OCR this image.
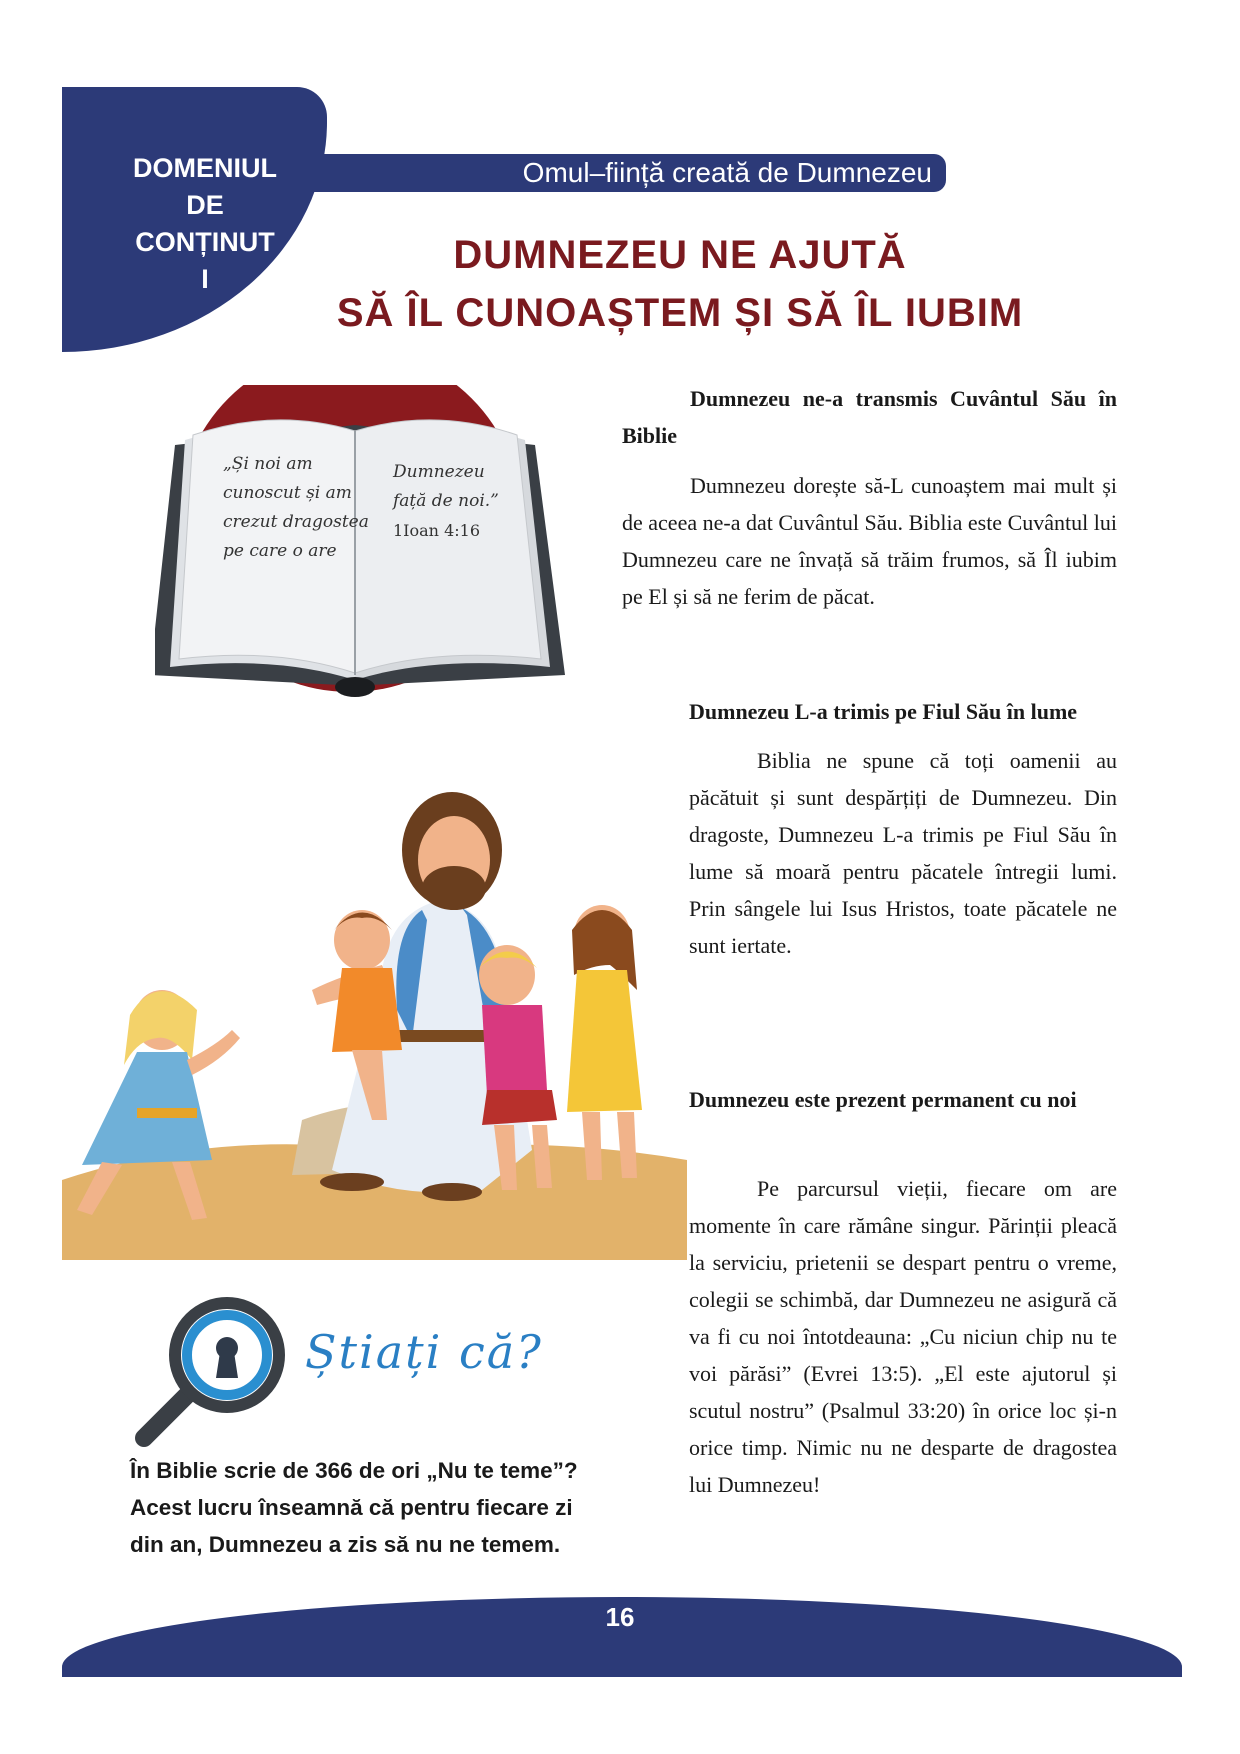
DOMENIUL
DE
CONȚINUT
I
Omul–ființă creată de Dumnezeu
DUMNEZEU NE AJUTĂ
SĂ ÎL CUNOAȘTEM ȘI SĂ ÎL IUBIM
„Și noi am
cunoscut și am
crezut dragostea
pe care o are
Dumnezeu
față de noi.”
1Ioan 4:16
Dumnezeu ne-a transmis Cuvântul Său în Biblie
Dumnezeu dorește să-L cunoaștem mai mult și de aceea ne-a dat Cuvântul Său. Biblia este Cuvântul lui Dumnezeu care ne învață să trăim frumos, să Îl iubim pe El și să ne ferim de păcat.
Dumnezeu L-a trimis pe Fiul Său în lume
Biblia ne spune că toți oamenii au păcătuit și sunt despărțiți de Dumnezeu. Din dragoste, Dumnezeu L-a trimis pe Fiul Său în lume să moară pentru păcatele întregii lumi. Prin sângele lui Isus Hristos, toate păcatele ne sunt iertate.
Dumnezeu este prezent permanent cu noi
Pe parcursul vieții, fiecare om are momente în care rămâne singur. Părinții pleacă la serviciu, prietenii se despart pentru o vreme, colegii se schimbă, dar Dumnezeu ne asigură că va fi cu noi întotdeauna: „Cu niciun chip nu te voi părăsi” (Evrei 13:5). „El este ajutorul și scutul nostru” (Psalmul 33:20) în orice loc și-n orice timp. Nimic nu ne desparte de dragostea lui Dumnezeu!
Știați că?
În Biblie scrie de 366 de ori „Nu te teme”? Acest lucru înseamnă că pentru fiecare zi din an, Dumnezeu a zis să nu ne temem.
16
